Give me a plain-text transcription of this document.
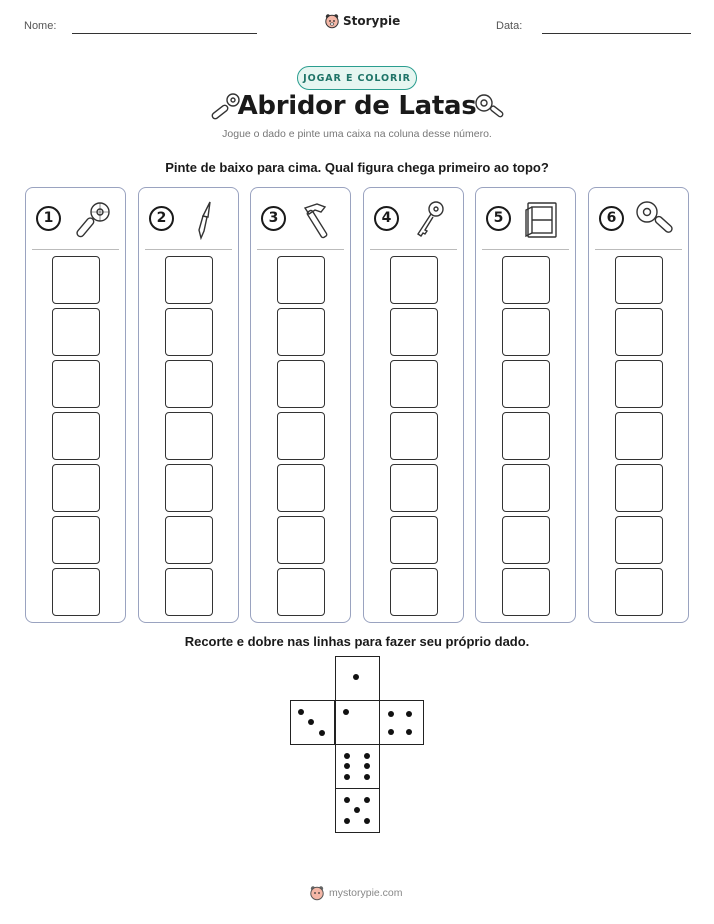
Nome:	Storypie	Data:
JOGAR E COLORIR
Abridor de Latas
Jogue o dado e pinte uma caixa na coluna desse número.
Pinte de baixo para cima. Qual figura chega primeiro ao topo?
1	2	3	4	5	6
Recorte e dobre nas linhas para fazer seu próprio dado.
mystorypie.com
